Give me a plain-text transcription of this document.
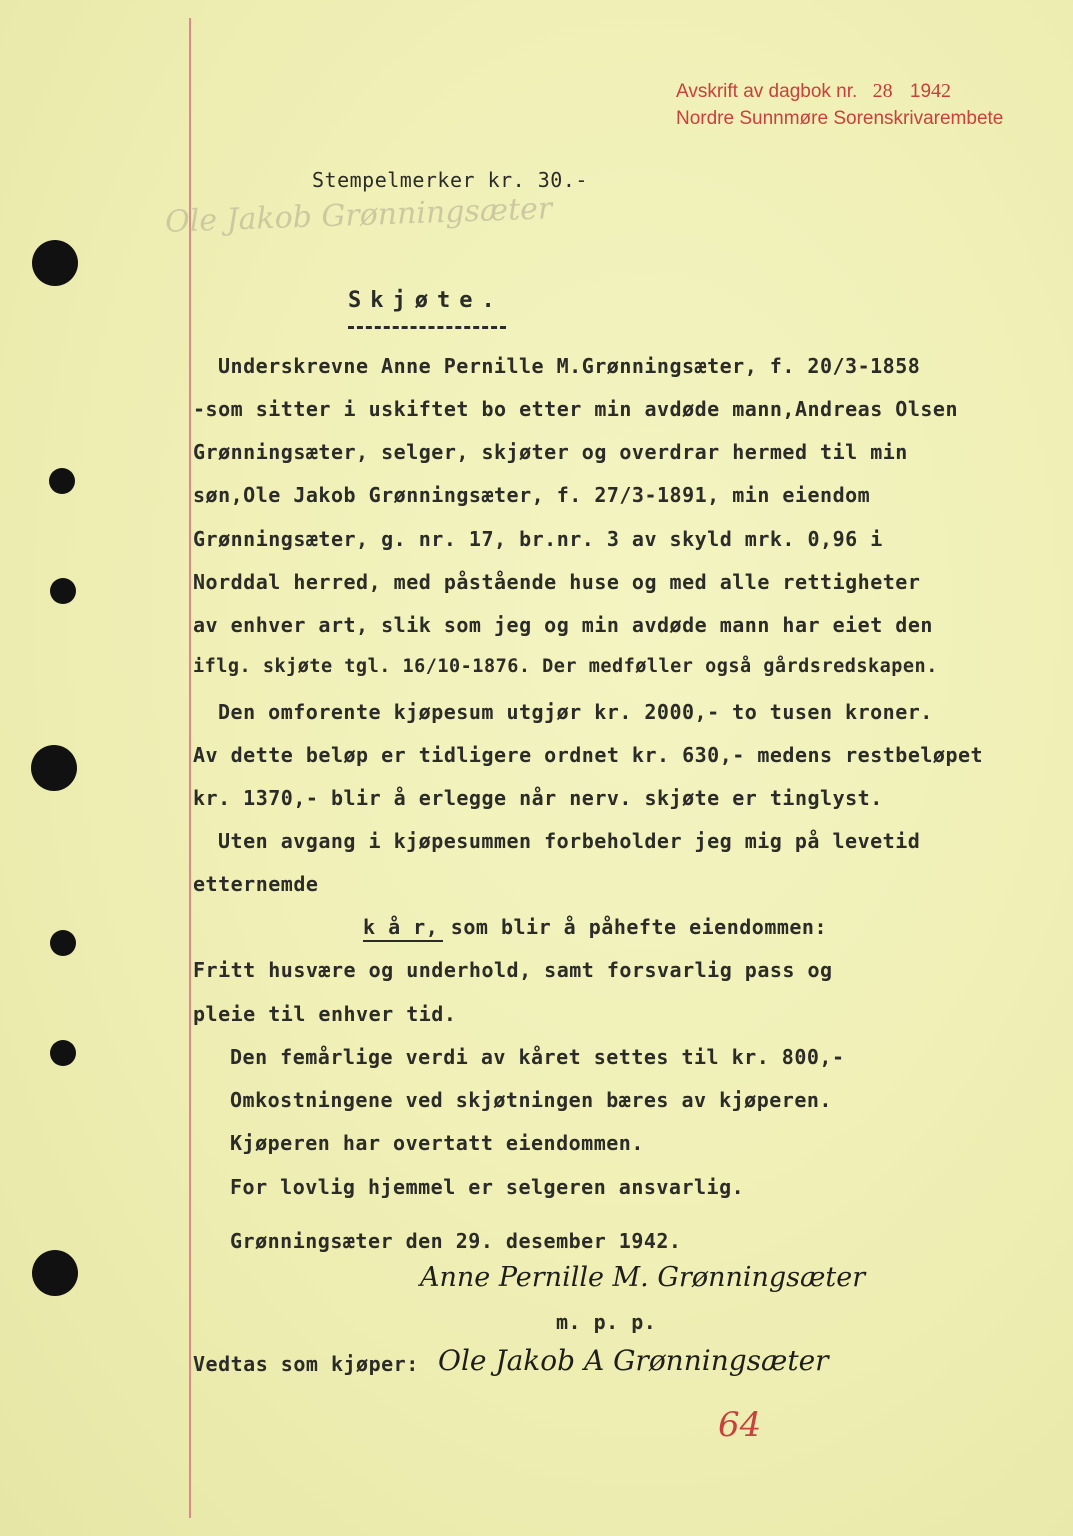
Avskrift av dagbok nr. 28 1942
Nordre Sunnmøre Sorenskrivarembete
Stempelmerker kr. 30.-
Ole Jakob Grønningsæter
Skjøte.
Underskrevne Anne Pernille M.Grønningsæter, f. 20/3-1858
-som sitter i uskiftet bo etter min avdøde mann,Andreas Olsen
Grønningsæter, selger, skjøter og overdrar hermed til min
søn,Ole Jakob Grønningsæter, f. 27/3-1891, min eiendom
Grønningsæter, g. nr. 17, br.nr. 3 av skyld mrk. 0,96 i
Norddal herred, med påstående huse og med alle rettigheter
av enhver art, slik som jeg og min avdøde mann har eiet den
iflg. skjøte tgl. 16/10-1876. Der medføller også gårdsredskapen.
Den omforente kjøpesum utgjør kr. 2000,- to tusen kroner.
Av dette beløp er tidligere ordnet kr. 630,- medens restbeløpet
kr. 1370,- blir å erlegge når nerv. skjøte er tinglyst.
Uten avgang i kjøpesummen forbeholder jeg mig på levetid
etternemde
k å r, som blir å påhefte eiendommen:
Fritt husvære og underhold, samt forsvarlig pass og
pleie til enhver tid.
Den femårlige verdi av kåret settes til kr. 800,-
Omkostningene ved skjøtningen bæres av kjøperen.
Kjøperen har overtatt eiendommen.
For lovlig hjemmel er selgeren ansvarlig.
Grønningsæter den 29. desember 1942.
Anne Pernille M. Grønningsæter
m. p. p.
Vedtas som kjøper: Ole Jakob A Grønningsæter
64
